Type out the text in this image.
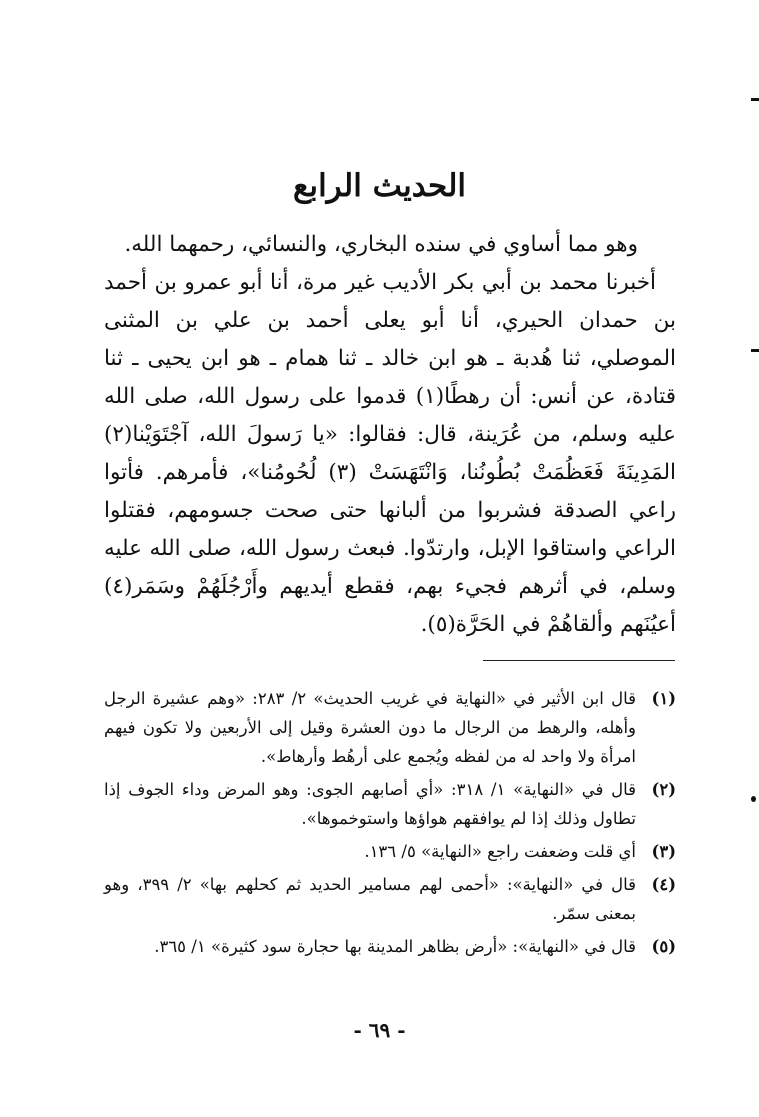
الحديث الرابع

وهو مما أساوي في سنده البخاري، والنسائي، رحمهما الله.

أخبرنا محمد بن أبي بكر الأديب غير مرة، أنا أبو عمرو بن أحمد بن حمدان الحيري، أنا أبو يعلى أحمد بن علي بن المثنى الموصلي، ثنا هُدبة ـ هو ابن خالد ـ ثنا همام ـ هو ابن يحيى ـ ثنا قتادة، عن أنس: أن رهطًا(١) قدموا على رسول الله، صلى الله عليه وسلم، من عُرَينة، قال: فقالوا: «يا رَسولَ الله، آجْتَوَيْنا(٢) المَدِينَةَ فَعَظُمَتْ بُطُونُنا، وَانْتَهَسَتْ (٣) لُحُومُنا»، فأمرهم. فأتوا راعي الصدقة فشربوا من ألبانها حتى صحت جسومهم، فقتلوا الراعي واستاقوا الإبل، وارتدّوا. فبعث رسول الله، صلى الله عليه وسلم، في أثرهم فجيء بهم، فقطع أيديهم وأَرْجُلَهُمْ وسَمَر(٤) أعيُنَهم وألقاهُمْ في الحَرَّة(٥).

(١)
قال ابن الأثير في «النهاية في غريب الحديث» ٢/ ٢٨٣: «وهم عشيرة الرجل وأهله، والرهط من الرجال ما دون العشرة وقيل إلى الأربعين ولا تكون فيهم امرأة ولا واحد له من لفظه ويُجمع على أرهُط وأرهاط».
(٢)
قال في «النهاية» ١/ ٣١٨: «أي أصابهم الجوى: وهو المرض وداء الجوف إذا تطاول وذلك إذا لم يوافقهم هواؤها واستوخموها».
(٣)
أي قلت وضعفت راجع «النهاية» ٥/ ١٣٦.
(٤)
قال في «النهاية»: «أحمى لهم مسامير الحديد ثم كحلهم بها» ٢/ ٣٩٩، وهو بمعنى سمّر.
(٥)
قال في «النهاية»: «أرض بظاهر المدينة بها حجارة سود كثيرة» ١/ ٣٦٥.
- ٦٩ -
